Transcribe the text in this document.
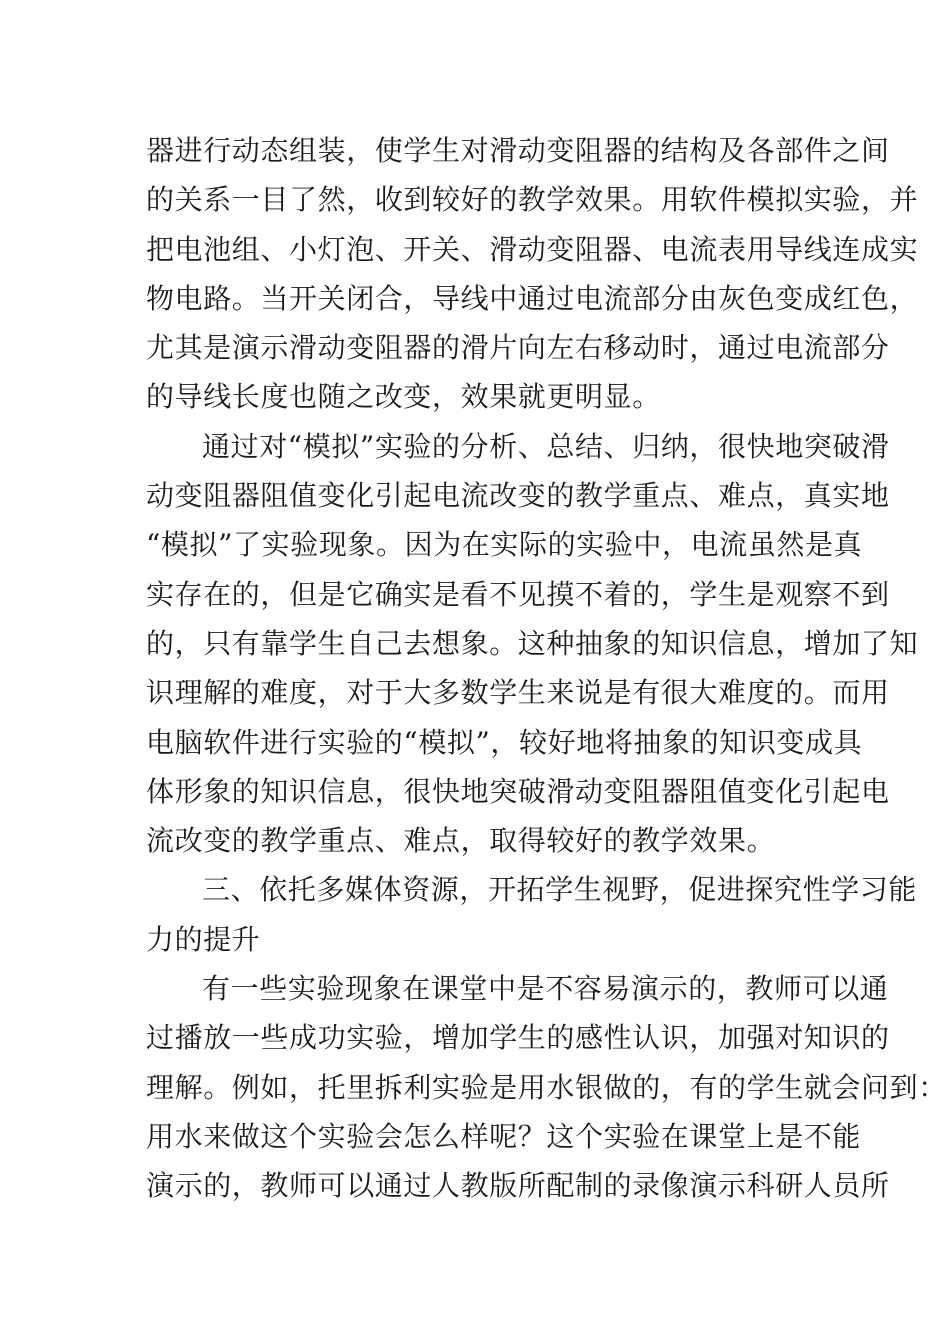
器进行动态组装，使学生对滑动变阻器的结构及各部件之间
的关系一目了然，收到较好的教学效果。用软件模拟实验，并
把电池组、小灯泡、开关、滑动变阻器、电流表用导线连成实
物电路。当开关闭合，导线中通过电流部分由灰色变成红色，
尤其是演示滑动变阻器的滑片向左右移动时，通过电流部分
的导线长度也随之改变，效果就更明显。
通过对“模拟”实验的分析、总结、归纳，很快地突破滑
动变阻器阻值变化引起电流改变的教学重点、难点，真实地
“模拟”了实验现象。因为在实际的实验中，电流虽然是真
实存在的，但是它确实是看不见摸不着的，学生是观察不到
的，只有靠学生自己去想象。这种抽象的知识信息，增加了知
识理解的难度，对于大多数学生来说是有很大难度的。而用
电脑软件进行实验的“模拟”，较好地将抽象的知识变成具
体形象的知识信息，很快地突破滑动变阻器阻值变化引起电
流改变的教学重点、难点，取得较好的教学效果。
三、依托多媒体资源，开拓学生视野，促进探究性学习能
力的提升
有一些实验现象在课堂中是不容易演示的，教师可以通
过播放一些成功实验，增加学生的感性认识，加强对知识的
理解。例如，托里拆利实验是用水银做的，有的学生就会问到：
用水来做这个实验会怎么样呢？这个实验在课堂上是不能
演示的，教师可以通过人教版所配制的录像演示科研人员所
